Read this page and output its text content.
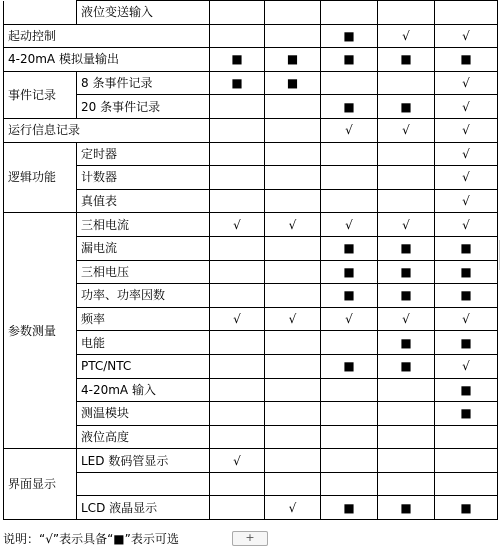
	液位变送输入					
起动控制				■	√	√
4-20mA 模拟量输出		■	■	■	■	■
事件记录	8 条事件记录	■	■			√
	20 条事件记录			■	■	√
运行信息记录				√	√	√
逻辑功能	定时器					√
	计数器					√
	真值表					√
参数测量	三相电流	√	√	√	√	√
	漏电流			■	■	■
	三相电压			■	■	■
	功率、功率因数			■	■	■
	频率	√	√	√	√	√
	电能				■	■
	PTC/NTC			■	■	√
	4-20mA 输入					■
	测温模块					■
	液位高度					
界面显示	LED 数码管显示	√				

	LCD 液晶显示		√	■	■	■
说明：“√”表示具备“■”表示可选	+
